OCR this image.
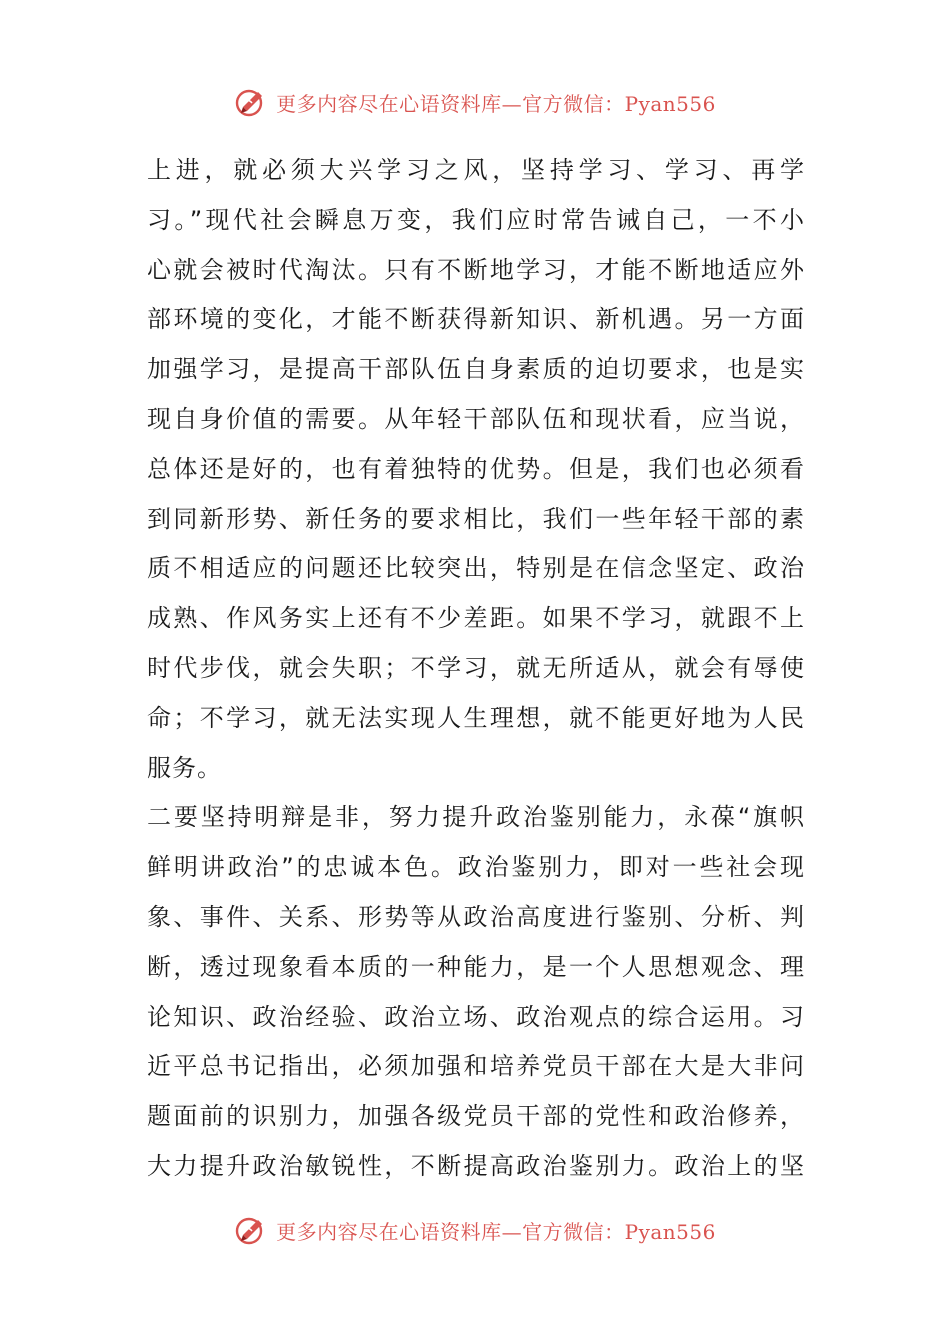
更多内容尽在心语资料库—官方微信：Pyan556
上进，就必须大兴学习之风，坚持学习、学习、再学
习。”现代社会瞬息万变，我们应时常告诫自己，一不小
心就会被时代淘汰。只有不断地学习，才能不断地适应外
部环境的变化，才能不断获得新知识、新机遇。另一方面
加强学习，是提高干部队伍自身素质的迫切要求，也是实
现自身价值的需要。从年轻干部队伍和现状看，应当说，
总体还是好的，也有着独特的优势。但是，我们也必须看
到同新形势、新任务的要求相比，我们一些年轻干部的素
质不相适应的问题还比较突出，特别是在信念坚定、政治
成熟、作风务实上还有不少差距。如果不学习，就跟不上
时代步伐，就会失职；不学习，就无所适从，就会有辱使
命；不学习，就无法实现人生理想，就不能更好地为人民
服务。
二要坚持明辩是非，努力提升政治鉴别能力，永葆“旗帜
鲜明讲政治”的忠诚本色。政治鉴别力，即对一些社会现
象、事件、关系、形势等从政治高度进行鉴别、分析、判
断，透过现象看本质的一种能力，是一个人思想观念、理
论知识、政治经验、政治立场、政治观点的综合运用。习
近平总书记指出，必须加强和培养党员干部在大是大非问
题面前的识别力，加强各级党员干部的党性和政治修养，
大力提升政治敏锐性，不断提高政治鉴别力。政治上的坚
更多内容尽在心语资料库—官方微信：Pyan556
